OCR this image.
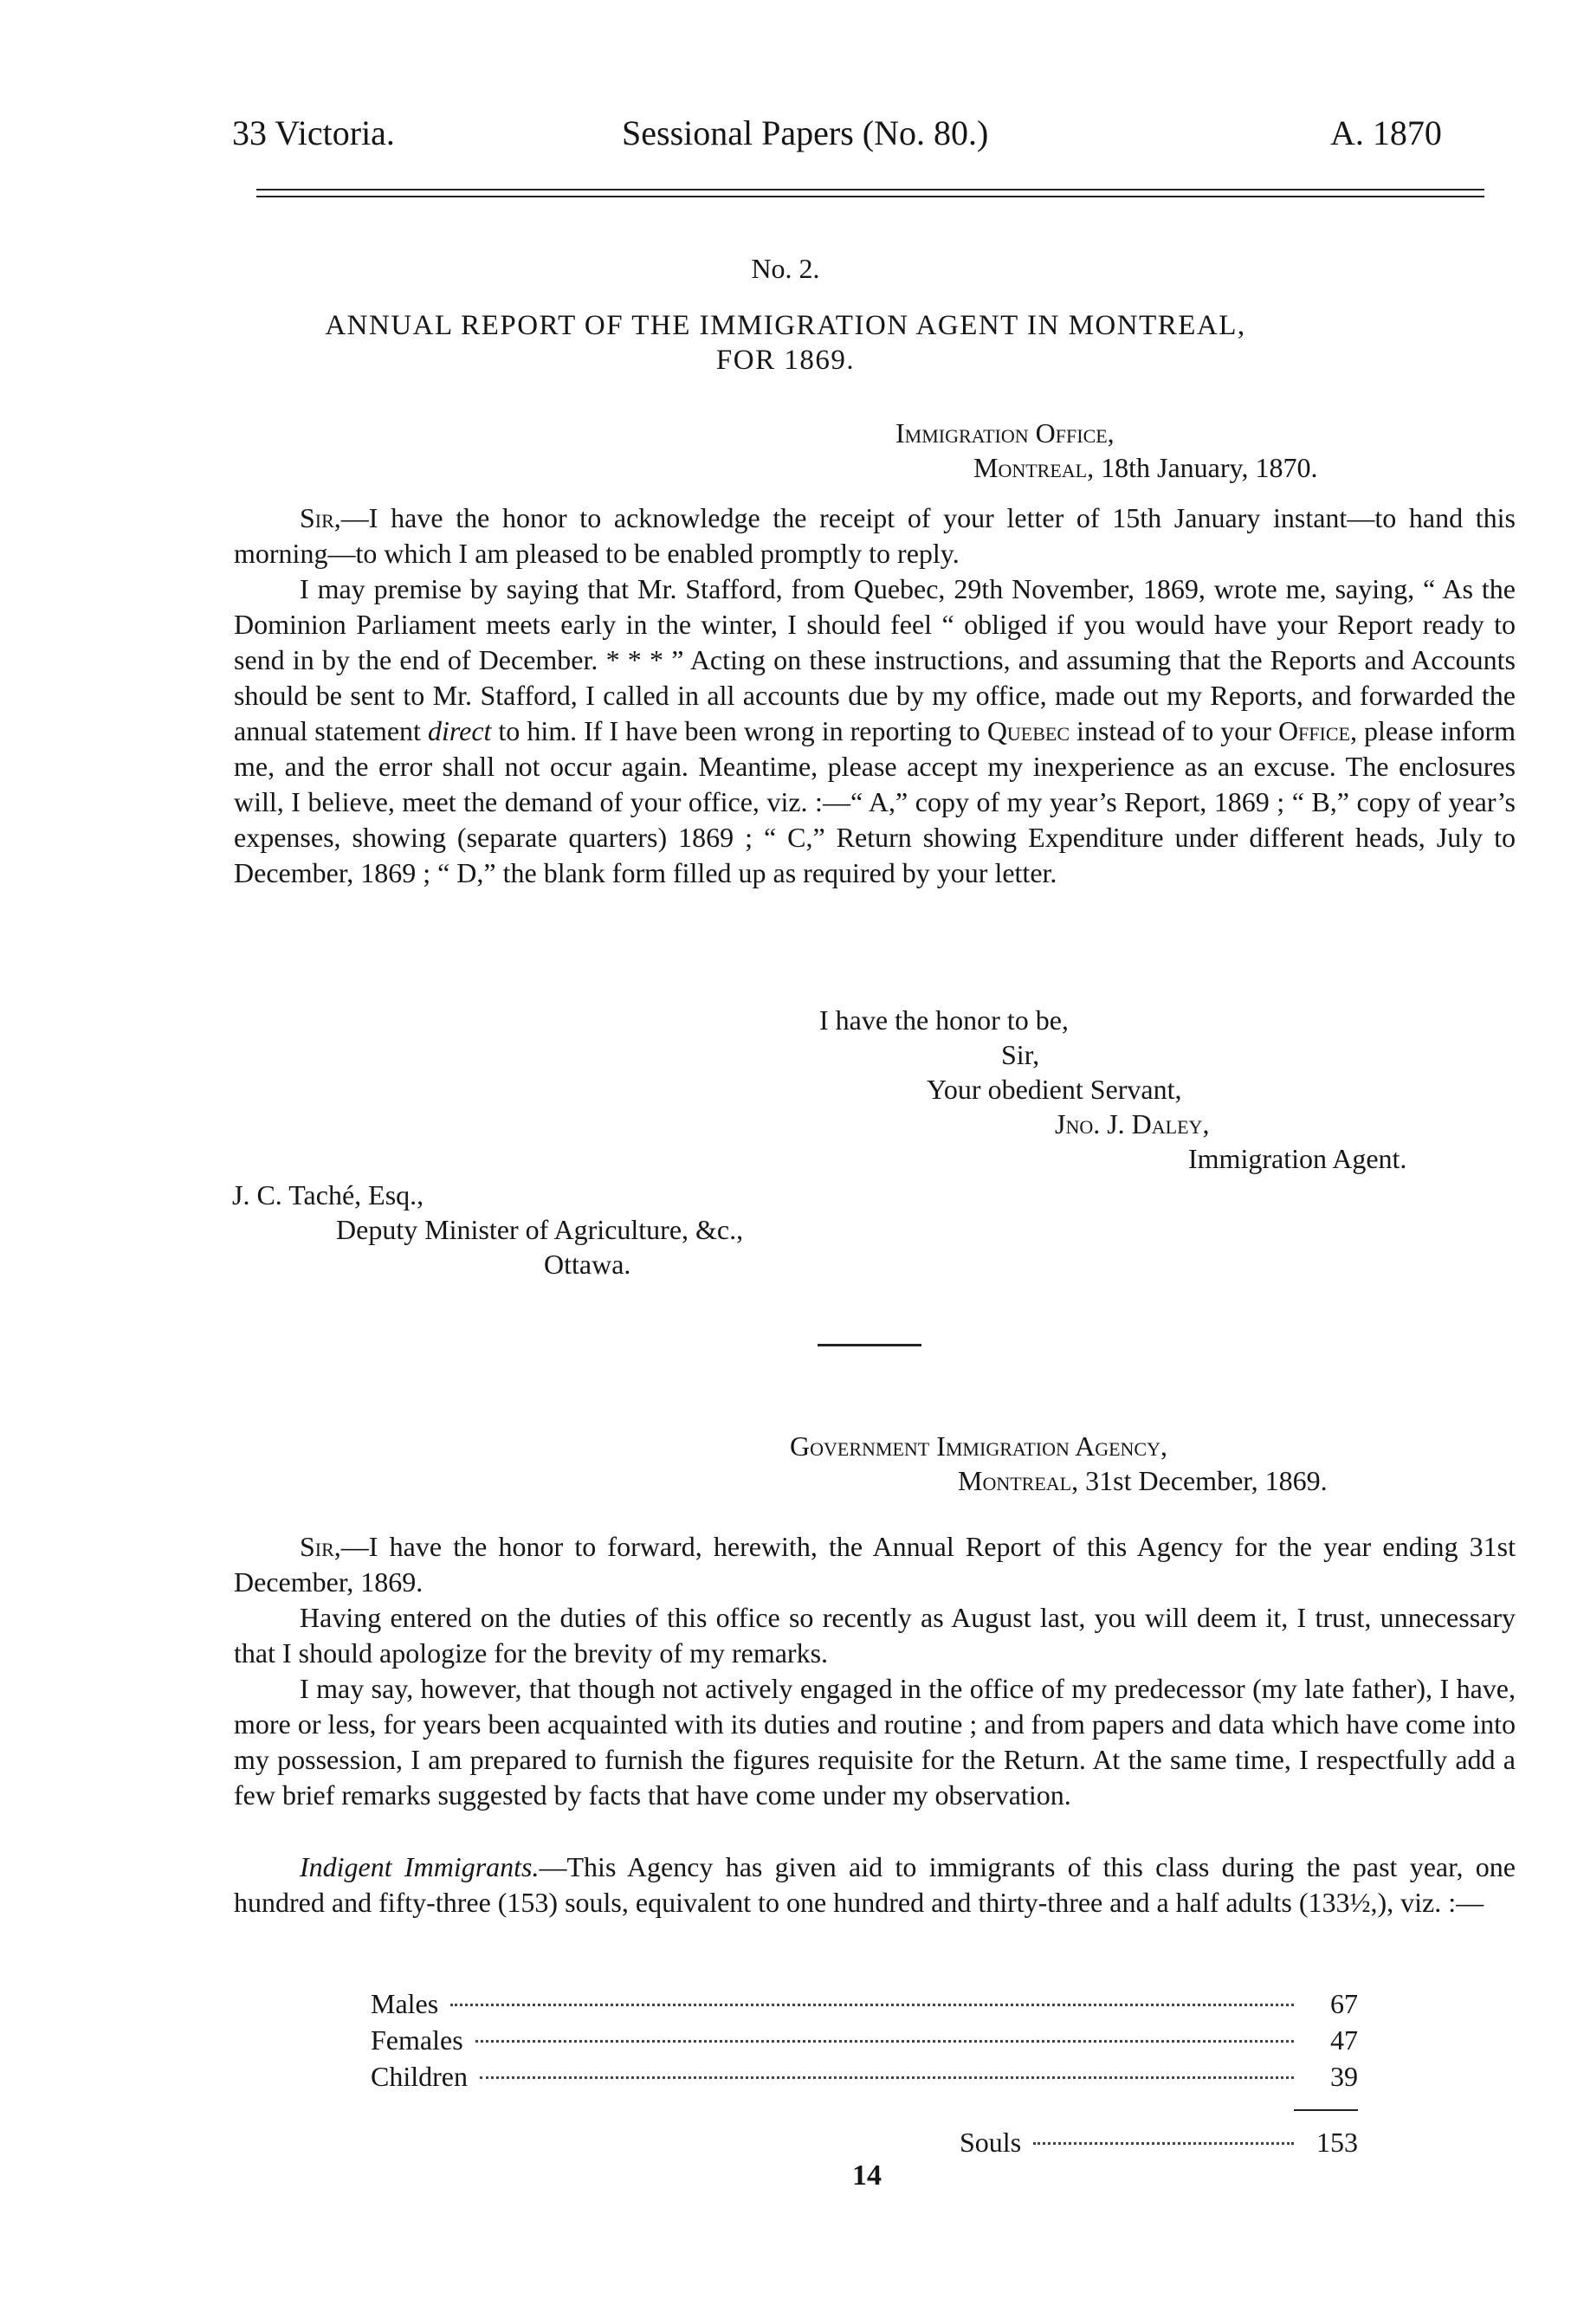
33 Victoria.	Sessional Papers (No. 80.)	A. 1870
No. 2.
ANNUAL REPORT OF THE IMMIGRATION AGENT IN MONTREAL,
FOR 1869.
Immigration Office,
Montreal, 18th January, 1870.
Sir,—I have the honor to acknowledge the receipt of your letter of 15th January instant—to hand this morning—to which I am pleased to be enabled promptly to reply.
I may premise by saying that Mr. Stafford, from Quebec, 29th November, 1869, wrote me, saying, “ As the Dominion Parliament meets early in the winter, I should feel “ obliged if you would have your Report ready to send in by the end of December. * * * ” Acting on these instructions, and assuming that the Reports and Accounts should be sent to Mr. Stafford, I called in all accounts due by my office, made out my Reports, and forwarded the annual statement direct to him. If I have been wrong in reporting to Quebec instead of to your Office, please inform me, and the error shall not occur again. Meantime, please accept my inexperience as an excuse. The enclosures will, I believe, meet the demand of your office, viz. :—“ A,” copy of my year’s Report, 1869 ; “ B,” copy of year’s expenses, showing (separate quarters) 1869 ; “ C,” Return showing Expenditure under different heads, July to December, 1869 ; “ D,” the blank form filled up as required by your letter.
I have the honor to be,
Sir,
Your obedient Servant,
Jno. J. Daley,
Immigration Agent.
J. C. Taché, Esq.,
Deputy Minister of Agriculture, &c.,
Ottawa.
Government Immigration Agency,
Montreal, 31st December, 1869.
Sir,—I have the honor to forward, herewith, the Annual Report of this Agency for the year ending 31st December, 1869.
Having entered on the duties of this office so recently as August last, you will deem it, I trust, unnecessary that I should apologize for the brevity of my remarks.
I may say, however, that though not actively engaged in the office of my predecessor (my late father), I have, more or less, for years been acquainted with its duties and routine ; and from papers and data which have come into my possession, I am prepared to furnish the figures requisite for the Return. At the same time, I respectfully add a few brief remarks suggested by facts that have come under my observation.
Indigent Immigrants.—This Agency has given aid to immigrants of this class during the past year, one hundred and fifty-three (153) souls, equivalent to one hundred and thirty-three and a half adults (133½,), viz. :—
Males	67
Females	47
Children	39
Souls	153
14
